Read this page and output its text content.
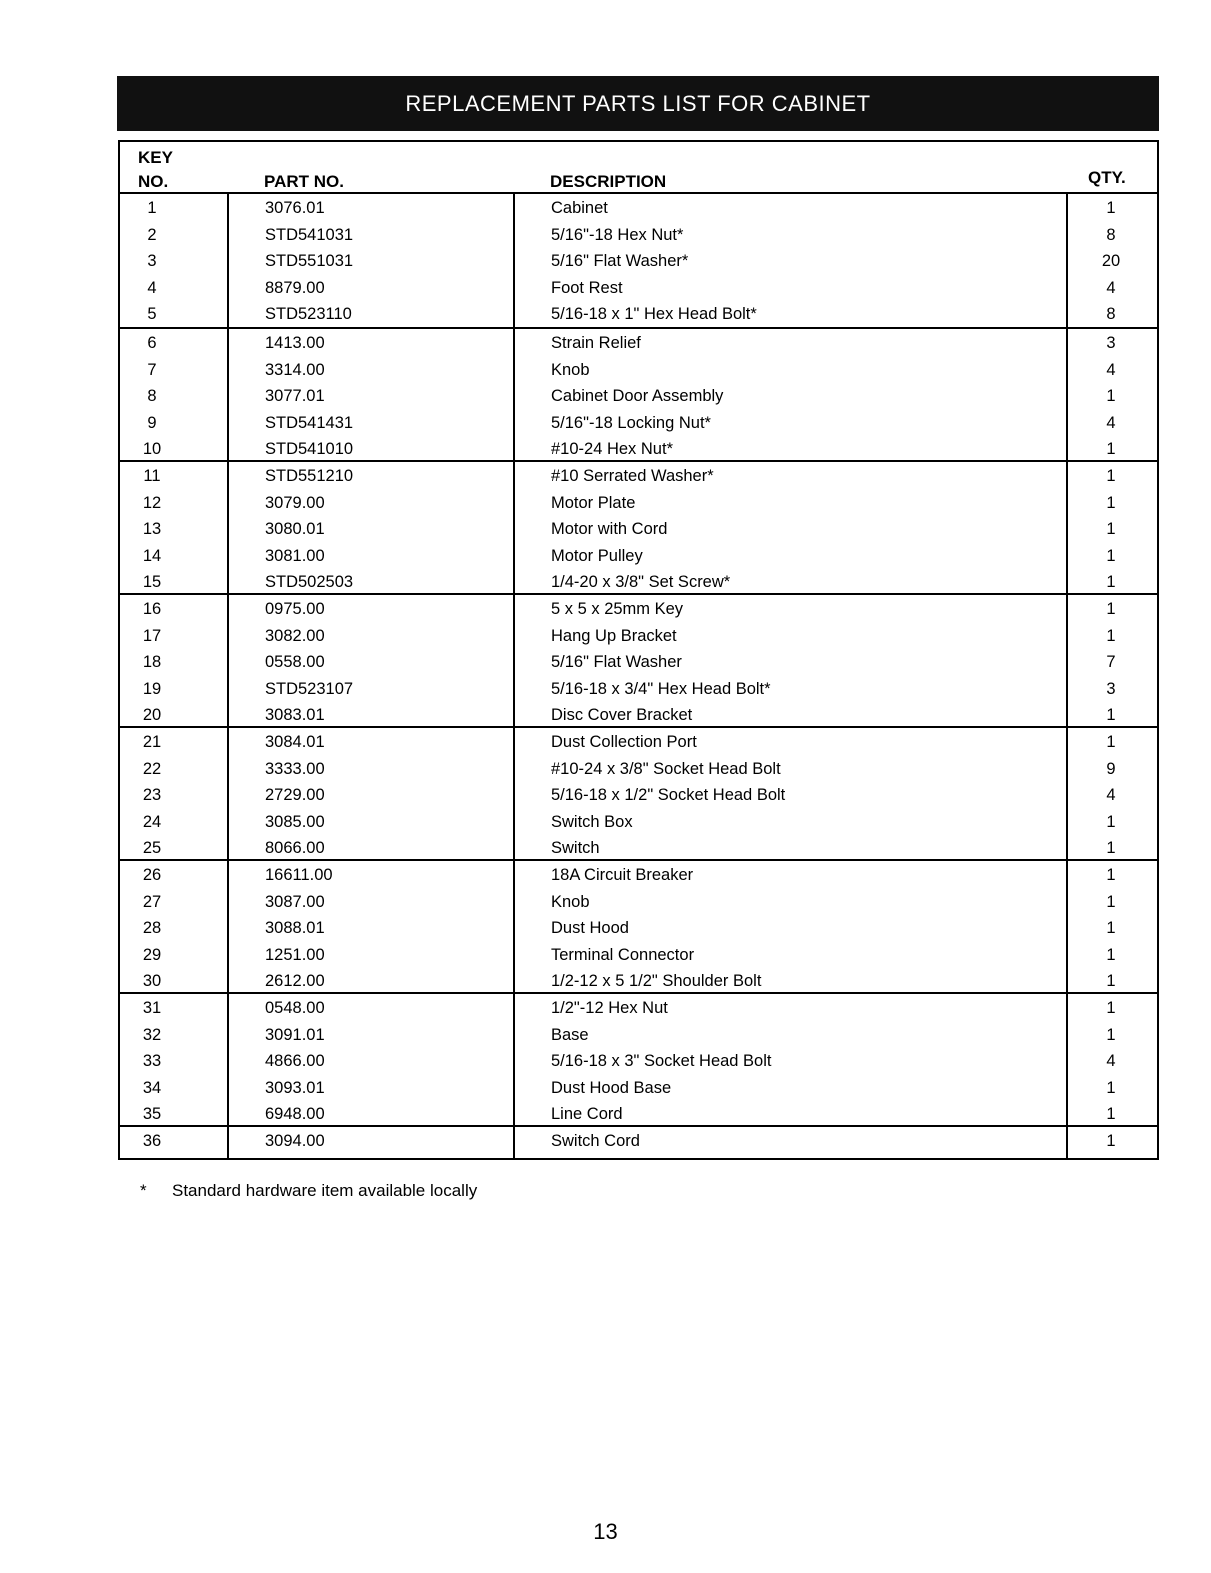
REPLACEMENT PARTS LIST FOR CABINET
KEY
NO.	PART NO.	DESCRIPTION	QTY.
1	3076.01	Cabinet	1
2	STD541031	5/16"-18 Hex Nut*	8
3	STD551031	5/16" Flat Washer*	20
4	8879.00	Foot Rest	4
5	STD523110	5/16-18 x 1" Hex Head Bolt*	8
6	1413.00	Strain Relief	3
7	3314.00	Knob	4
8	3077.01	Cabinet Door Assembly	1
9	STD541431	5/16"-18 Locking Nut*	4
10	STD541010	#10-24 Hex Nut*	1
11	STD551210	#10 Serrated Washer*	1
12	3079.00	Motor Plate	1
13	3080.01	Motor with Cord	1
14	3081.00	Motor Pulley	1
15	STD502503	1/4-20 x 3/8" Set Screw*	1
16	0975.00	5 x 5 x 25mm Key	1
17	3082.00	Hang Up Bracket	1
18	0558.00	5/16" Flat Washer	7
19	STD523107	5/16-18 x 3/4" Hex Head Bolt*	3
20	3083.01	Disc Cover Bracket	1
21	3084.01	Dust Collection Port	1
22	3333.00	#10-24 x 3/8" Socket Head Bolt	9
23	2729.00	5/16-18 x 1/2" Socket Head Bolt	4
24	3085.00	Switch Box	1
25	8066.00	Switch	1
26	16611.00	18A Circuit Breaker	1
27	3087.00	Knob	1
28	3088.01	Dust Hood	1
29	1251.00	Terminal Connector	1
30	2612.00	1/2-12 x 5 1/2" Shoulder Bolt	1
31	0548.00	1/2"-12 Hex Nut	1
32	3091.01	Base	1
33	4866.00	5/16-18 x 3" Socket Head Bolt	4
34	3093.01	Dust Hood Base	1
35	6948.00	Line Cord	1
36	3094.00	Switch Cord	1
* Standard hardware item available locally
13
